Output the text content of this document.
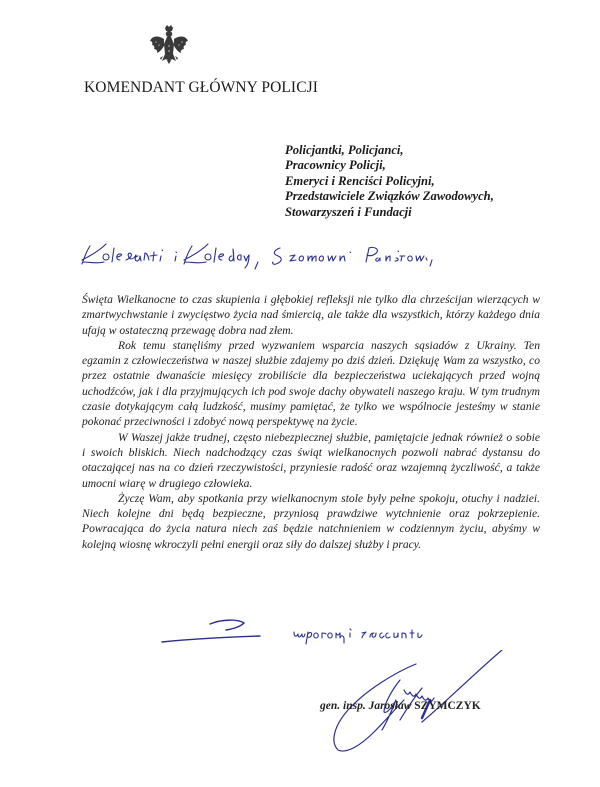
KOMENDANT GŁÓWNY POLICJI
Policjantki, Policjanci,
Pracownicy Policji,
Emeryci i Renciści Policyjni,
Przedstawiciele Związków Zawodowych,
Stowarzyszeń i Fundacji

Święta Wielkanocne to czas skupienia i głębokiej refleksji nie tylko dla chrześcijan wierzących w zmartwychwstanie i zwycięstwo życia nad śmiercią, ale także dla wszystkich, którzy każdego dnia ufają w ostateczną przewagę dobra nad złem.

Rok temu stanęliśmy przed wyzwaniem wsparcia naszych sąsiadów z Ukrainy. Ten egzamin z człowieczeństwa w naszej służbie zdajemy po dziś dzień. Dziękuję Wam za wszystko, co przez ostatnie dwanaście miesięcy zrobiliście dla bezpieczeństwa uciekających przed wojną uchodźców, jak i dla przyjmujących ich pod swoje dachy obywateli naszego kraju. W tym trudnym czasie dotykającym całą ludzkość, musimy pamiętać, że tylko we wspólnocie jesteśmy w stanie pokonać przeciwności i zdobyć nową perspektywę na życie.

W Waszej jakże trudnej, często niebezpiecznej służbie, pamiętajcie jednak również o sobie i swoich bliskich. Niech nadchodzący czas świąt wielkanocnych pozwoli nabrać dystansu do otaczającej nas na co dzień rzeczywistości, przyniesie radość oraz wzajemną życzliwość, a także umocni wiarę w drugiego człowieka.

Życzę Wam, aby spotkania przy wielkanocnym stole były pełne spokoju, otuchy i nadziei. Niech kolejne dni będą bezpieczne, przyniosą prawdziwe wytchnienie oraz pokrzepienie. Powracająca do życia natura niech zaś będzie natchnieniem w codziennym życiu, abyśmy w kolejną wiosnę wkroczyli pełni energii oraz siły do dalszej służby i pracy.

gen. insp. Jarosław SZYMCZYK
